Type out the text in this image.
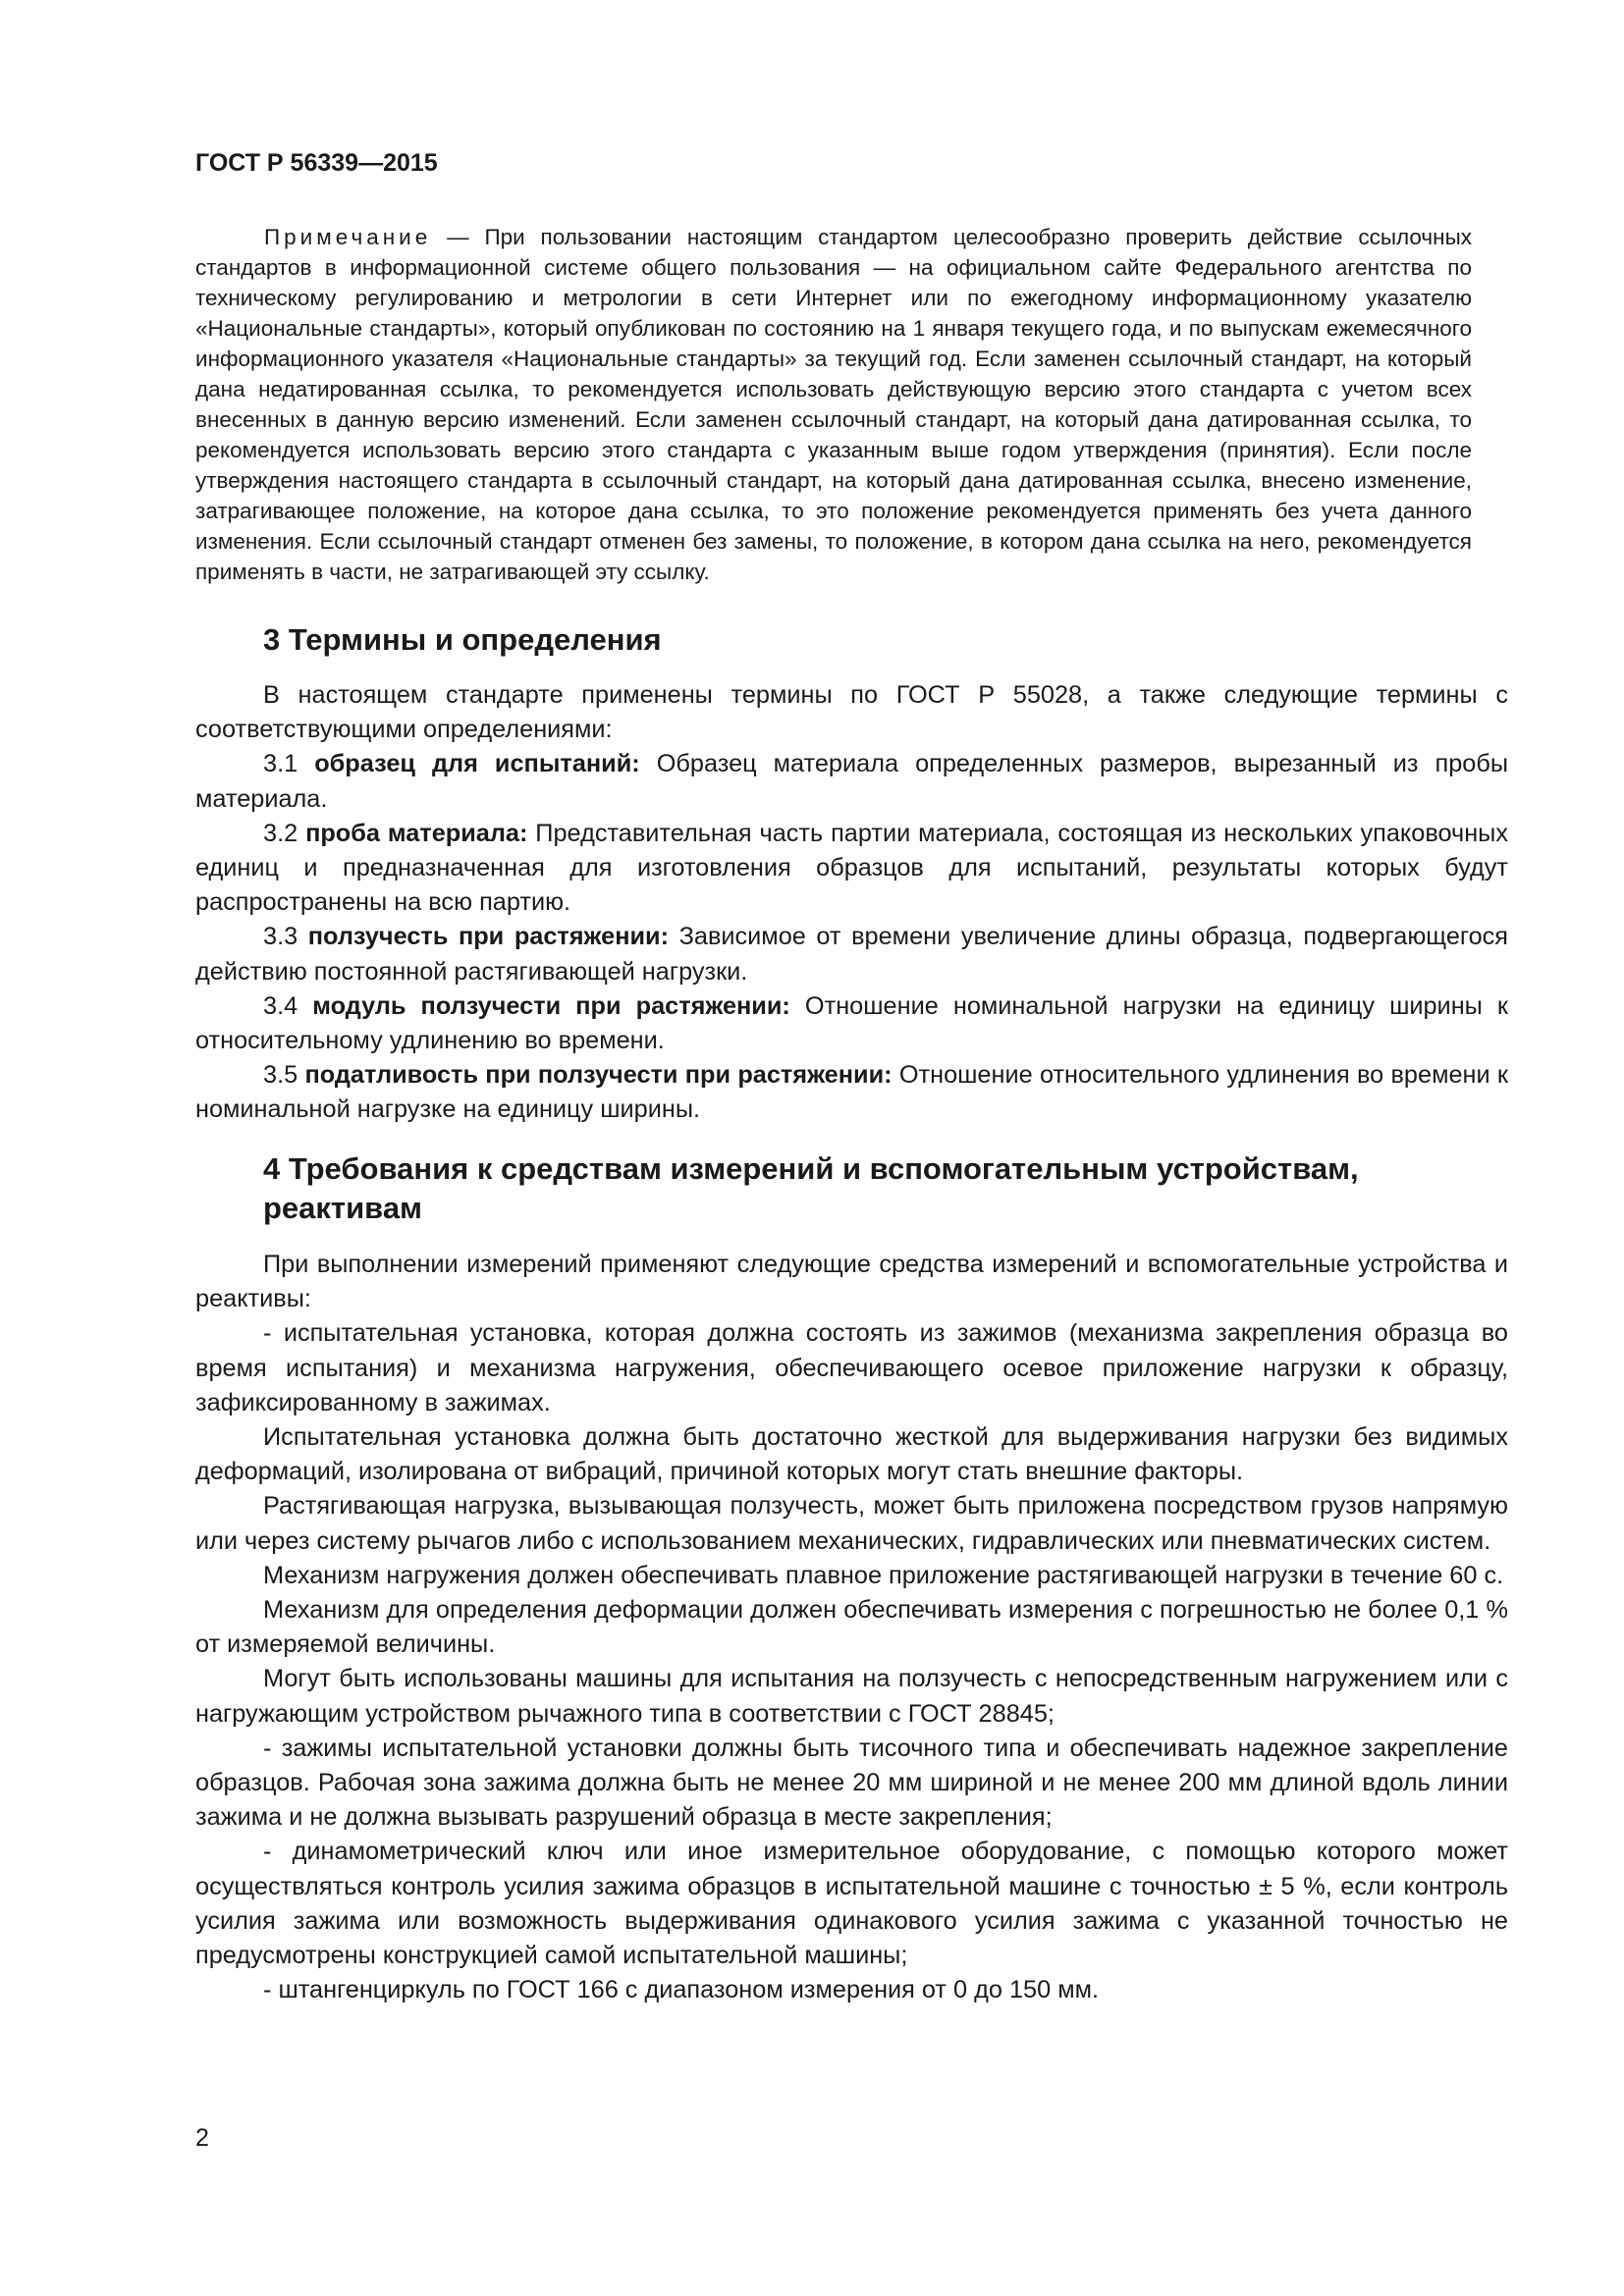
ГОСТ Р 56339—2015

Примечание — При пользовании настоящим стандартом целесообразно проверить действие ссылочных стандартов в информационной системе общего пользования — на официальном сайте Федерального агентства по техническому регулированию и метрологии в сети Интернет или по ежегодному информационному указателю «Национальные стандарты», который опубликован по состоянию на 1 января текущего года, и по выпускам ежемесячного информационного указателя «Национальные стандарты» за текущий год. Если заменен ссылочный стандарт, на который дана недатированная ссылка, то рекомендуется использовать действующую версию этого стандарта с учетом всех внесенных в данную версию изменений. Если заменен ссылочный стандарт, на который дана датированная ссылка, то рекомендуется использовать версию этого стандарта с указанным выше годом утверждения (принятия). Если после утверждения настоящего стандарта в ссылочный стандарт, на который дана датированная ссылка, внесено изменение, затрагивающее положение, на которое дана ссылка, то это положение рекомендуется применять без учета данного изменения. Если ссылочный стандарт отменен без замены, то положение, в котором дана ссылка на него, рекомендуется применять в части, не затрагивающей эту ссылку.

3 Термины и определения

В настоящем стандарте применены термины по ГОСТ Р 55028, а также следующие термины с соответствующими определениями:

3.1 образец для испытаний: Образец материала определенных размеров, вырезанный из пробы материала.

3.2 проба материала: Представительная часть партии материала, состоящая из нескольких упаковочных единиц и предназначенная для изготовления образцов для испытаний, результаты которых будут распространены на всю партию.

3.3 ползучесть при растяжении: Зависимое от времени увеличение длины образца, подвергающегося действию постоянной растягивающей нагрузки.

3.4 модуль ползучести при растяжении: Отношение номинальной нагрузки на единицу ширины к относительному удлинению во времени.

3.5 податливость при ползучести при растяжении: Отношение относительного удлинения во времени к номинальной нагрузке на единицу ширины.

4 Требования к средствам измерений и вспомогательным устройствам, реактивам

При выполнении измерений применяют следующие средства измерений и вспомогательные устройства и реактивы:

- испытательная установка, которая должна состоять из зажимов (механизма закрепления образца во время испытания) и механизма нагружения, обеспечивающего осевое приложение нагрузки к образцу, зафиксированному в зажимах.

Испытательная установка должна быть достаточно жесткой для выдерживания нагрузки без видимых деформаций, изолирована от вибраций, причиной которых могут стать внешние факторы.

Растягивающая нагрузка, вызывающая ползучесть, может быть приложена посредством грузов напрямую или через систему рычагов либо с использованием механических, гидравлических или пневматических систем.

Механизм нагружения должен обеспечивать плавное приложение растягивающей нагрузки в течение 60 с.

Механизм для определения деформации должен обеспечивать измерения с погрешностью не более 0,1 % от измеряемой величины.

Могут быть использованы машины для испытания на ползучесть с непосредственным нагружением или с нагружающим устройством рычажного типа в соответствии с ГОСТ 28845;

- зажимы испытательной установки должны быть тисочного типа и обеспечивать надежное закрепление образцов. Рабочая зона зажима должна быть не менее 20 мм шириной и не менее 200 мм длиной вдоль линии зажима и не должна вызывать разрушений образца в месте закрепления;

- динамометрический ключ или иное измерительное оборудование, с помощью которого может осуществляться контроль усилия зажима образцов в испытательной машине с точностью ± 5 %, если контроль усилия зажима или возможность выдерживания одинакового усилия зажима с указанной точностью не предусмотрены конструкцией самой испытательной машины;

- штангенциркуль по ГОСТ 166 с диапазоном измерения от 0 до 150 мм.

2
